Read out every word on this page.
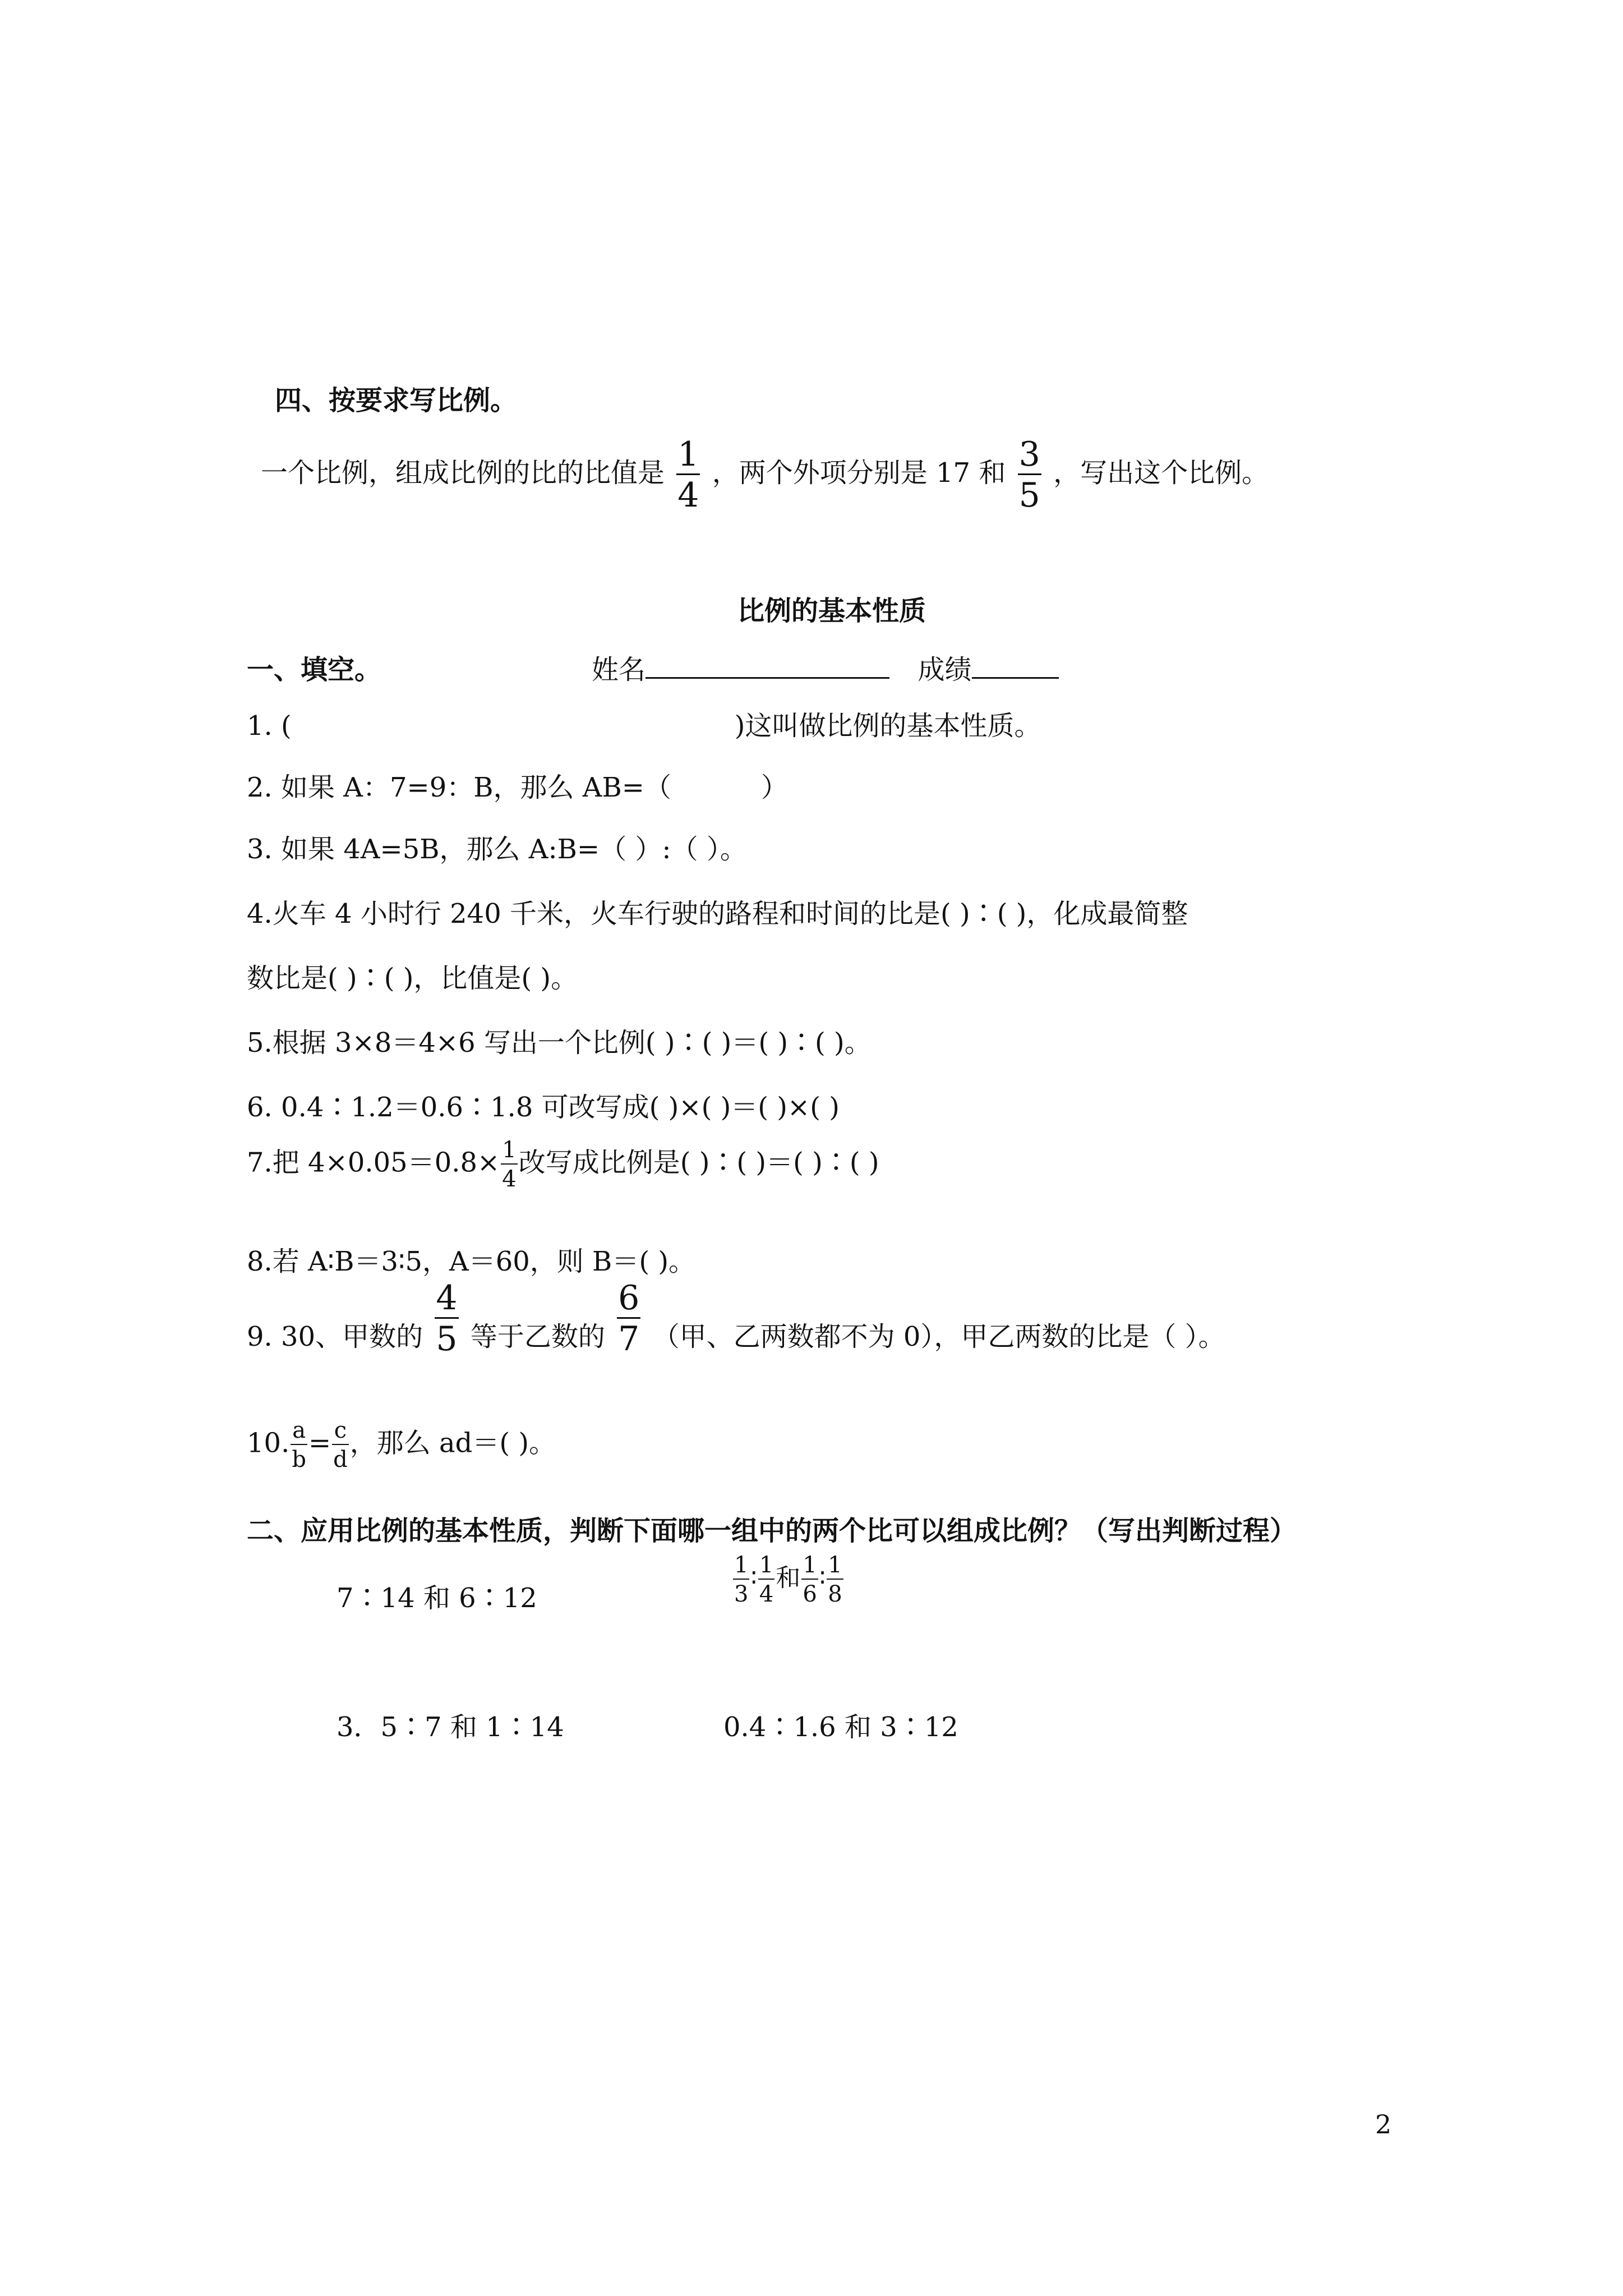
四、按要求写比例。
一个比例，组成比例的比的比值是 $\frac{1}{4}$ ，两个外项分别是 17 和 $\frac{3}{5}$ ，写出这个比例。
比例的基本性质
一、填空。	姓名	成绩
1. (	)这叫做比例的基本性质。
2. 如果 A：7=9：B，那么 AB=（	）
3. 如果 4A=5B，那么 A:B=（ ）:（ ）。
4.火车 4 小时行 240 千米，火车行驶的路程和时间的比是( )∶( )，化成最简整
数比是( )∶( )，比值是( )。
5.根据 3×8＝4×6 写出一个比例( )∶( )＝( )∶( )。
6. 0.4∶1.2＝0.6∶1.8 可改写成( )×( )＝( )×( )
7.把 $4\times 0.05=0.8\times \frac{1}{4}$ 改写成比例是( )∶( )＝( )∶( )
8.若 A∶B＝3∶5，A＝60，则 B＝( )。
9. 30、甲数的 $\frac{4}{5}$ 等于乙数的 $\frac{6}{7}$ （甲、乙两数都不为 0），甲乙两数的比是（ ）。
10. $\frac{a}{b} = \frac{c}{d}$ ，那么 ad＝( )。
二、应用比例的基本性质，判断下面哪一组中的两个比可以组成比例？（写出判断过程）
7∶14 和 6∶12	$\frac{1}{3}$ ∶ $\frac{1}{4}$ 和 $\frac{1}{6}$ ∶ $\frac{1}{8}$
3．5∶7 和 1∶14	0.4∶1.6 和 3∶12
2
